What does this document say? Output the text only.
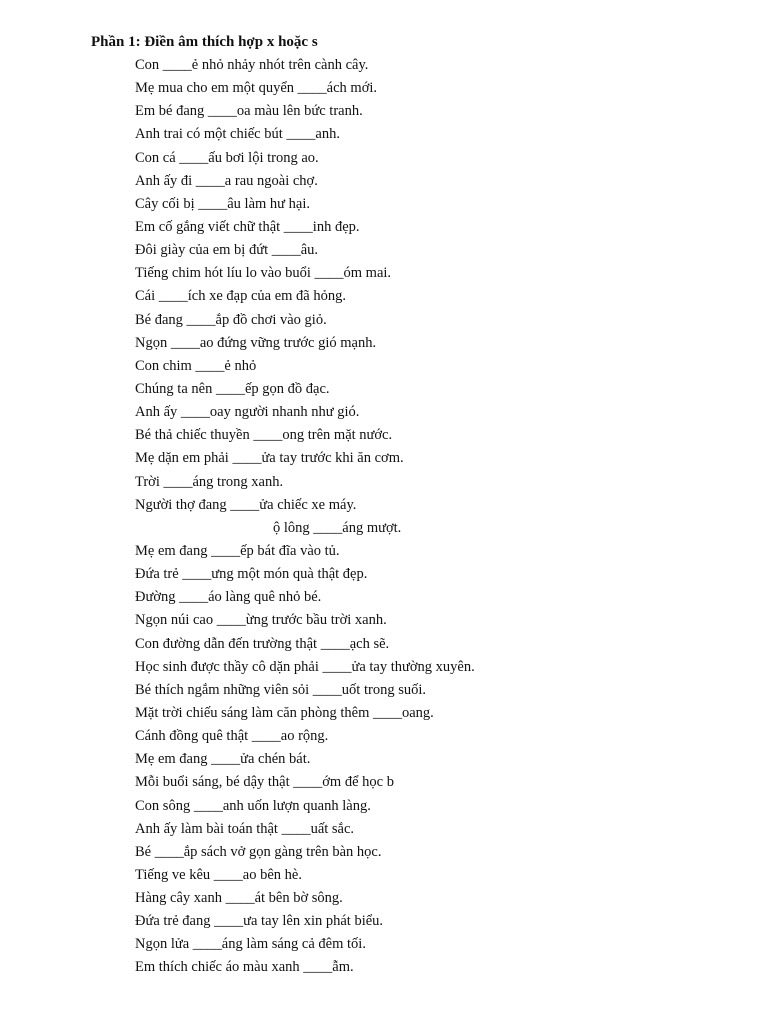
Phần 1: Điền âm thích hợp x hoặc s
Con ____ẻ nhỏ nhảy nhót trên cành cây.
Mẹ mua cho em một quyển ____ách mới.
Em bé đang ____oa màu lên bức tranh.
Anh trai có một chiếc bút ____anh.
Con cá ____ấu bơi lội trong ao.
Anh ấy đi ____a rau ngoài chợ.
Cây cối bị ____âu làm hư hại.
Em cố gắng viết chữ thật ____inh đẹp.
Đôi giày của em bị đứt ____âu.
Tiếng chim hót líu lo vào buổi ____óm mai.
Cái ____ích xe đạp của em đã hỏng.
Bé đang ____ắp đồ chơi vào giỏ.
Ngọn ____ao đứng vững trước gió mạnh.
Con chim ____ẻ nhỏ
Chúng ta nên ____ếp gọn đồ đạc.
Anh ấy ____oay người nhanh như gió.
Bé thả chiếc thuyền ____ong trên mặt nước.
Mẹ dặn em phải ____ửa tay trước khi ăn cơm.
Trời ____áng trong xanh.
Người thợ đang ____ửa chiếc xe máy.
ộ lông ____áng mượt.
Mẹ em đang ____ếp bát đĩa vào tủ.
Đứa trẻ ____ưng một món quà thật đẹp.
Đường ____áo làng quê nhỏ bé.
Ngọn núi cao ____ừng trước bầu trời xanh.
Con đường dẫn đến trường thật ____ạch sẽ.
Học sinh được thầy cô dặn phải ____ửa tay thường xuyên.
Bé thích ngắm những viên sỏi ____uốt trong suối.
Mặt trời chiếu sáng làm căn phòng thêm ____oang.
Cánh đồng quê thật ____ao rộng.
Mẹ em đang ____ửa chén bát.
Mỗi buổi sáng, bé dậy thật ____ớm để học b
Con sông ____anh uốn lượn quanh làng.
Anh ấy làm bài toán thật ____uất sắc.
Bé ____ắp sách vở gọn gàng trên bàn học.
Tiếng ve kêu ____ao bên hè.
Hàng cây xanh ____át bên bờ sông.
Đứa trẻ đang ____ưa tay lên xin phát biểu.
Ngọn lửa ____áng làm sáng cả đêm tối.
Em thích chiếc áo màu xanh ____ẫm.
